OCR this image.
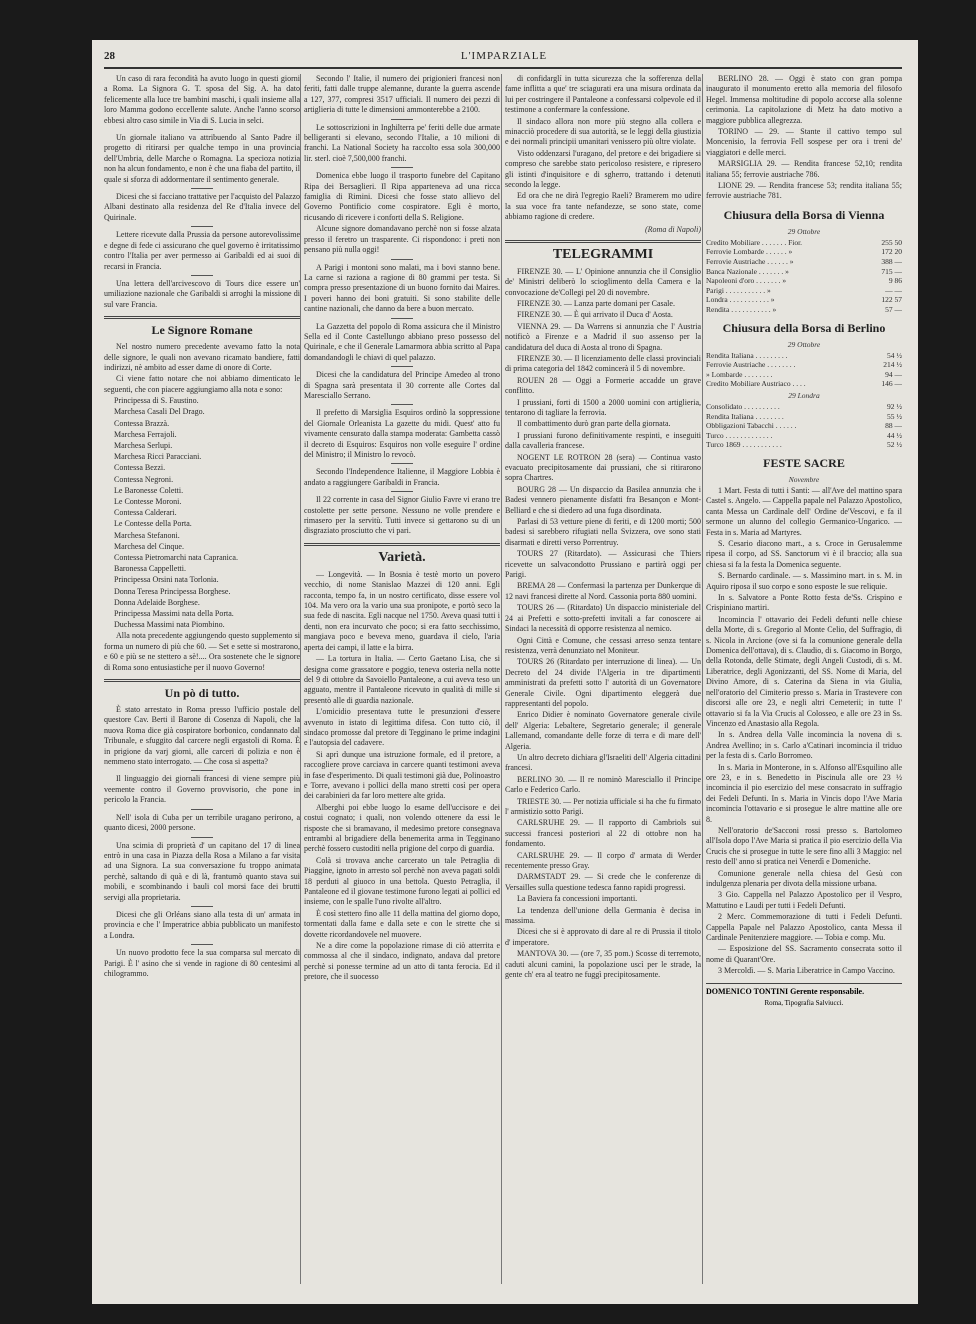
28	L'IMPARZIALE

Un caso di rara fecondità ha avuto luogo in questi giorni a Roma. La Signora G. T. sposa del Sig. A. ha dato felicemente alla luce tre bambini maschi, i quali insieme alla loro Mamma godono eccellente salute. Anche l'anno scorso ebbesi altro caso simile in Via di S. Lucia in selci.

Un giornale italiano va attribuendo al Santo Padre il progetto di ritirarsi per qualche tempo in una provincia dell'Umbria, delle Marche o Romagna. La specioza notizia non ha alcun fondamento, e non è che una fiaba del partito, il quale si sforza di addormentare il sentimento generale.

Dicesi che si facciano trattative per l'acquisto del Palazzo Albani destinato alla residenza del Re d'Italia invece del Quirinale.

Lettere ricevute dalla Prussia da persone autorevolissime e degne di fede ci assicurano che quel governo è irritatissimo contro l'Italia per aver permesso ai Garibaldi ed ai suoi di recarsi in Francia.

Una lettera dell'arcivescovo di Tours dice essere un' umiliazione nazionale che Garibaldi si arroghi la missione di sul vare Francia.

Le Signore Romane

Nel nostro numero precedente avevamo fatto la nota delle signore, le quali non avevano ricamato bandiere, fatti indirizzi, nè ambito ad esser dame di onore di Corte.

Ci viene fatto notare che noi abbiamo dimenticato le seguenti, che con piacere aggiungiamo alla nota e sono:

Principessa di S. Faustino.

Marchesa Casali Del Drago.

Contessa Brazzà.

Marchesa Ferrajoli.

Marchesa Serlupi.

Marchesa Ricci Paracciani.

Contessa Bezzi.

Contessa Negroni.

Le Baronesse Coletti.

Le Contesse Moroni.

Contessa Calderari.

Le Contesse della Porta.

Marchesa Stefanoni.

Marchesa del Cinque.

Contessa Pietromarchi nata Capranica.

Baronessa Cappelletti.

Principessa Orsini nata Torlonia.

Donna Teresa Principessa Borghese.

Donna Adelaide Borghese.

Principessa Massimi nata della Porta.

Duchessa Massimi nata Piombino.

Alla nota precedente aggiungendo questo supplemento si forma un numero di più che 60. — Set e sette si mostrarono, e 60 e più se ne stettero a sè!.... Ora sostenete che le signore di Roma sono entusiastiche per il nuovo Governo!

Un pò di tutto.

È stato arrestato in Roma presso l'ufficio postale del questore Cav. Berti il Barone di Cosenza di Napoli, che la nuova Roma dice già cospiratore borbonico, condannato dal Tribunale, e sfuggito dal carcere negli ergastoli di Roma. È in prigione da varj giorni, alle carceri di polizia e non è nemmeno stato interrogato. — Che cosa si aspetta?

Il linguaggio dei giornali francesi di viene sempre più veemente contro il Governo provvisorio, che pone in pericolo la Francia.

Nell' isola di Cuba per un terribile uragano perirono, a quanto dicesi, 2000 persone.

Una scimia di proprietà d' un capitano del 17 di linea entrò in una casa in Piazza della Rosa a Milano a far visita ad una Signora. La sua conversazione fu troppo animata perchè, saltando di quà e di là, frantumò quanto stava sui mobili, e scombinando i bauli col morsi face dei brutti servigi alla proprietaria.

Dicesi che gli Orléans siano alla testa di un' armata in provincia e che l' Imperatrice abbia pubblicato un manifesto a Londra.

Un nuovo prodotto fece la sua comparsa sul mercato di Parigi. È l' asino che si vende in ragione di 80 centesimi al chilogrammo.

Secondo l' Italie, il numero dei prigionieri francesi non feriti, fatti dalle truppe alemanne, durante la guerra ascende a 127, 377, compresi 3517 ufficiali. Il numero dei pezzi di artiglieria di tutte le dimensioni ammonterebbe a 2100.

Le sottoscrizioni in Inghilterra pe' feriti delle due armate belligeranti si elevano, secondo l'Italie, a 10 milioni di franchi. La National Society ha raccolto essa sola 300,000 lir. sterl. cioè 7,500,000 franchi.

Domenica ebbe luogo il trasporto funebre del Capitano Ripa dei Bersaglieri. Il Ripa apparteneva ad una ricca famiglia di Rimini. Dicesi che fosse stato allievo del Governo Pontificio come cospiratore. Egli è morto, ricusando di ricevere i conforti della S. Religione.

Alcune signore domandavano perchè non si fosse alzata presso il feretro un trasparente. Ci rispondono: i preti non pensano più nulla oggi!

A Parigi i montoni sono malati, ma i bovi stanno bene. La carne si raziona a ragione di 80 grammi per testa. Si compra presso presentazione di un buono fornito dai Maires. I poveri hanno dei boni gratuiti. Si sono stabilite delle cantine nazionali, che danno da bere a buon mercato.

La Gazzetta del popolo di Roma assicura che il Ministro Sella ed il Conte Castellungo abbiano preso possesso del Quirinale, e che il Generale Lamarmora abbia scritto al Papa domandandogli le chiavi di quel palazzo.

Dicesi che la candidatura del Principe Amedeo al trono di Spagna sarà presentata il 30 corrente alle Cortes dal Maresciallo Serrano.

Il prefetto di Marsiglia Esquiros ordinò la soppressione del Giornale Orleanista La gazette du midi. Quest' atto fu vivamente censurato dalla stampa moderata: Gambetta cassò il decreto di Esquiros: Esquiros non volle eseguire l' ordine del Ministro; il Ministro lo revocò.

Secondo l'Independence Italienne, il Maggiore Lobbia è andato a raggiungere Garibaldi in Francia.

Il 22 corrente in casa del Signor Giulio Favre vi erano tre costolette per sette persone. Nessuno ne volle prendere e rimasero per la servitù. Tutti invece si gettarono su di un disgraziato prosciutto che vi pari.

Varietà.

— Longevità. — In Bosnia è testè morto un povero vecchio, di nome Stanislao Mazzei di 120 anni. Egli racconta, tempo fa, in un nostro certificato, disse essere vol 104. Ma vero ora la vario una sua pronipote, e portò seco la sua fede di nascita. Egli nacque nel 1750. Aveva quasi tutti i denti, non era incurvato che poco; si era fatto secchissimo, mangiava poco e beveva meno, guardava il cielo, l'aria aperta dei campi, il latte e la birra.

— La tortura in Italia. — Certo Gaetano Lisa, che si designa come grassatore e poggio, teneva osteria nella notte del 9 di ottobre da Savoiello Pantaleone, a cui aveva teso un agguato, mentre il Pantaleone ricevuto in qualità di mille si presentò alle di guardia nazionale.

L'omicidio presentava tutte le presunzioni d'essere avvenuto in istato di legittima difesa. Con tutto ciò, il sindaco promosse dal pretore di Tegginano le prime indagini e l'autopsia del cadavere.

Si aprì dunque una istruzione formale, ed il pretore, a raccogliere prove carciava in carcere quanti testimoni aveva in fase d'esperimento. Di quali testimoni già due, Polinoastro e Torre, avevano i pollici della mano stretti così per opera dei carabinieri da far loro mettere alte grida.

Alberghi poi ebbe luogo lo esame dell'uccisore e dei costui cognato; i quali, non volendo ottenere da essi le risposte che si bramavano, il medesimo pretore consegnava entrambi al brigadiere della benemerita arma in Tegginano perchè fossero custoditi nella prigione del corpo di guardia.

Colà si trovava anche carcerato un tale Petraglia di Piaggine, ignoto in arresto sol perchè non aveva pagati soldi 18 perduti al giuoco in una bettola. Questo Petraglia, il Pantaleone ed il giovane testimone furono legati ai pollici ed insieme, con le spalle l'uno rivolte all'altro.

È così stettero fino alle 11 della mattina del giorno dopo, tormentati dalla fame e dalla sete e con le strette che si dovette ricordandovele nel muovere.

Ne a dire come la popolazione rimase di ciò atterrita e commossa al che il sindaco, indignato, andava dal pretore perchè si ponesse termine ad un atto di tanta ferocia. Ed il pretore, che il suocesso

di confidarglí in tutta sicurezza che la sofferenza della fame inflitta a que' tre sciagurati era una misura ordinata da lui per costringere il Pantaleone a confessarsi colpevole ed il testimone a confermare la confessione.

Il sindaco allora non more più stegno alla collera e minacciò procedere di sua autorità, se le leggi della giustizia e dei normali principii umanitari venissero più oltre violate.

Visto oddenzarsi l'uragano, del pretore e dei brigadiere si compreso che sarebbe stato pericoloso resistere, e ripresero gli istinti d'inquisitore e di sgherro, trattando i detenuti secondo la legge.

Ed ora che ne dirà l'egregio Raeli? Bramerem mo udire la sua voce fra tante nefandezze, se sono state, come abbiamo ragione di credere.

(Roma di Napoli)
TELEGRAMMI

FIRENZE 30. — L' Opinione annunzia che il Consiglio de' Ministri deliberò lo scioglimento della Camera e la convocazione de'Collegi pel 20 di novembre.

FIRENZE 30. — Lanza parte domani per Casale.

FIRENZE 30. — È qui arrivato il Duca d' Aosta.

VIENNA 29. — Da Warrens si annunzia che l' Austria notificò a Firenze e a Madrid il suo assenso per la candidatura del duca di Aosta al trono di Spagna.

FIRENZE 30. — Il licenziamento delle classi provinciali di prima categoria del 1842 comincerà il 5 di novembre.

ROUEN 28 — Oggi a Formerie accadde un grave conflitto.

I prussiani, forti di 1500 a 2000 uomini con artiglieria, tentarono di tagliare la ferrovia.

Il combattimento durò gran parte della giornata.

I prussiani furono definitivamente respinti, e inseguiti dalla cavalleria francese.

NOGENT LE ROTRON 28 (sera) — Continua vasto evacuato precipitosamente dai prussiani, che si ritirarono sopra Chartres.

BOURG 28 — Un dispaccio da Basilea annunzia che i Badesi vennero pienamente disfatti fra Besançon e Mont-Belliard e che si diedero ad una fuga disordinata.

Parlasi di 53 vetture piene di feriti, e di 1200 morti; 500 badesi si sarebbero rifugiati nella Svizzera, ove sono stati disarmati e diretti verso Porrentruy.

TOURS 27 (Ritardato). — Assicurasi che Thiers ricevette un salvacondotto Prussiano e partirà oggi per Parigi.

BREMA 28 — Confermasi la partenza per Dunkerque di 12 navi francesi dirette al Nord. Cassonia porta 880 uomini.

TOURS 26 — (Ritardato) Un dispaccio ministeriale del 24 ai Prefetti e sotto-prefetti invitali a far conoscere ai Sindaci la necessità di opporre resistenza al nemico.

Ogni Città e Comune, che cessasi arreso senza tentare resistenza, verrà denunziato nel Moniteur.

TOURS 26 (Ritardato per interruzione di linea). — Un Decreto del 24 divide l'Algeria in tre dipartimenti amministrati da prefetti sotto l' autorità di un Governatore Generale Civile. Ogni dipartimento eleggerà due rappresentanti del popolo.

Enrico Didier è nominato Governatore generale civile dell' Algeria: Lebaltere, Segretario generale; il generale Lallemand, comandante delle forze di terra e di mare dell' Algeria.

Un altro decreto dichiara gl'Israeliti dell' Algeria cittadini francesi.

BERLINO 30. — Il re nominò Maresciallo il Principe Carlo e Federico Carlo.

TRIESTE 30. — Per notizia ufficiale si ha che fu firmato l' armistizio sotto Parigi.

CARLSRUHE 29. — Il rapporto di Cambriols sui successi francesi posteriori al 22 di ottobre non ha fondamento.

CARLSRUHE 29. — Il corpo d' armata di Werder recentemente presso Gray.

DARMSTADT 29. — Si crede che le conferenze di Versailles sulla questione tedesca fanno rapidi progressi.

La Baviera fa concessioni importanti.

La tendenza dell'unione della Germania è decisa in massima.

Dicesi che si è approvato di dare al re di Prussia il titolo d' imperatore.

MANTOVA 30. — (ore 7, 35 pom.) Scosse di terremoto, caduti alcuni camini, la popolazione uscì per le strade, la gente ch' era al teatro ne fuggì precipitosamente.

BERLINO 28. — Oggi è stato con gran pompa inaugurato il monumento eretto alla memoria del filosofo Hegel. Immensa moltitudine di popolo accorse alla solenne cerimonia. La capitolazione di Metz ha dato motivo a maggiore pubblica allegrezza.

TORINO — 29. — Stante il cattivo tempo sul Moncenisio, la ferrovia Fell sospese per ora i treni de' viaggiatori e delle merci.

MARSIGLIA 29. — Rendita francese 52,10; rendita italiana 55; ferrovie austriache 786.

LIONE 29. — Rendita francese 53; rendita italiana 55; ferrovie austriache 781.

Chiusura della Borsa di Vienna
29 Ottobre
Credito Mobiliare . . . . . . . Fior.	255 50
Ferrovie Lombarde . . . . . . »	172 20
Ferrovie Austriache . . . . . . »	388 —
Banca Nazionale . . . . . . . »	715 —
Napoleoni d'oro . . . . . . . »	9 86
Parigi . . . . . . . . . . . »	— —
Londra . . . . . . . . . . . »	122 57
Rendita . . . . . . . . . . . »	57 —
Chiusura della Borsa di Berlino
29 Ottobre
Rendita Italiana . . . . . . . . .	54 ½
Ferrovie Austriache . . . . . . . .	214 ½
» Lombarde . . . . . . . .	94 —
Credito Mobiliare Austriaco . . . .	146 —
29 Londra
Consolidato . . . . . . . . . .	92 ½
Rendita Italiana . . . . . . . .	55 ½
Obbligazioni Tabacchi . . . . . .	88 —
Turco . . . . . . . . . . . . .	44 ½
Turco 1869 . . . . . . . . . . .	52 ½
FESTE SACRE
Novembre

1 Mart. Festa di tutti i Santi: — all'Ave del mattino spara Castel s. Angelo. — Cappella papale nel Palazzo Apostolico, canta Messa un Cardinale dell' Ordine de'Vescovi, e fa il sermone un alunno del collegio Germanico-Ungarico. — Festa in s. Maria ad Martyres.

S. Cesario diacono mart., a s. Croce in Gerusalemme ripesa il corpo, ad SS. Sanctorum vi è il braccio; alla sua chiesa si fa la festa la Domenica seguente.

S. Bernardo cardinale. — s. Massimino mart. in s. M. in Aquiro riposa il suo corpo e sono esposte le sue reliquie.

In s. Salvatore a Ponte Rotto festa de'Ss. Crispino e Crispiniano martiri.

Incomincia l' ottavario dei Fedeli defunti nelle chiese della Morte, di s. Gregorio al Monte Celio, del Suffragio, di s. Nicola in Arcione (ove si fa la comunione generale della Domenica dell'ottava), di s. Claudio, di s. Giacomo in Borgo, della Rotonda, delle Stimate, degli Angeli Custodi, di s. M. Liberatrice, degli Agonizzanti, del SS. Nome di Maria, del Divino Amore, di s. Caterina da Siena in via Giulia, nell'oratorio del Cimiterio presso s. Maria in Trastevere con discorsi alle ore 23, e negli altri Cemeterii; in tutte l' ottavario si fa la Via Crucis al Colosseo, e alle ore 23 in Ss. Vincenzo ed Anastasio alla Regola.

In s. Andrea della Valle incomincia la novena di s. Andrea Avellino; in s. Carlo a'Catinari incomincia il triduo per la festa di s. Carlo Borromeo.

In s. Maria in Monterone, in s. Alfonso all'Esquilino alle ore 23, e in s. Benedetto in Piscinula alle ore 23 ½ incomincia il pio esercizio del mese consacrato in suffragio dei Fedeli Defunti. In s. Maria in Vincis dopo l'Ave Maria incomincia l'ottavario e si prosegue le altre mattine alle ore 8.

Nell'oratorio de'Sacconi rossi presso s. Bartolomeo all'Isola dopo l'Ave Maria si pratica il pio esercizio della Via Crucis che si prosegue in tutte le sere fino alli 3 Maggio: nel resto dell' anno si pratica nei Venerdì e Domeniche.

Comunione generale nella chiesa del Gesù con indulgenza plenaria per divota della missione urbana.

3 Gio. Cappella nel Palazzo Apostolico per il Vespro, Mattutino e Laudi per tutti i Fedeli Defunti.

2 Merc. Commemorazione di tutti i Fedeli Defunti. Cappella Papale nel Palazzo Apostolico, canta Messa il Cardinale Penitenziere maggiore. — Tobia e comp. Mu.

— Esposizione del SS. Sacramento consecrata sotto il nome di Quarant'Ore.

3 Mercoldì. — S. Maria Liberatrice in Campo Vaccino.

DOMENICO TONTINI Gerente responsabile.
Roma, Tipografia Salviucci.
